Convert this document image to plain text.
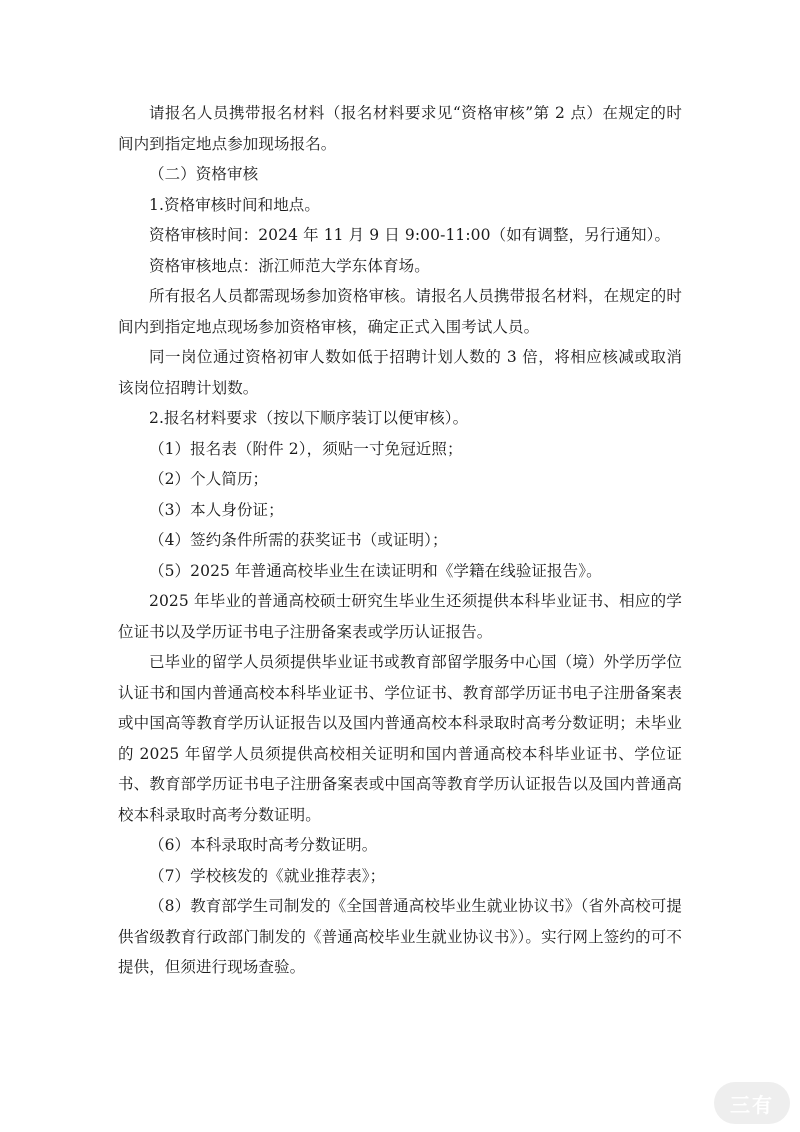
请报名人员携带报名材料（报名材料要求见“资格审核”第 2 点）在规定的时间内到指定地点参加现场报名。

（二）资格审核

1.资格审核时间和地点。

资格审核时间：2024 年 11 月 9 日 9:00-11:00（如有调整，另行通知）。

资格审核地点：浙江师范大学东体育场。

所有报名人员都需现场参加资格审核。请报名人员携带报名材料，在规定的时间内到指定地点现场参加资格审核，确定正式入围考试人员。

同一岗位通过资格初审人数如低于招聘计划人数的 3 倍，将相应核减或取消该岗位招聘计划数。

2.报名材料要求（按以下顺序装订以便审核）。

（1）报名表（附件 2），须贴一寸免冠近照；

（2）个人简历；

（3）本人身份证；

（4）签约条件所需的获奖证书（或证明）；

（5）2025 年普通高校毕业生在读证明和《学籍在线验证报告》。

2025 年毕业的普通高校硕士研究生毕业生还须提供本科毕业证书、相应的学位证书以及学历证书电子注册备案表或学历认证报告。

已毕业的留学人员须提供毕业证书或教育部留学服务中心国（境）外学历学位认证书和国内普通高校本科毕业证书、学位证书、教育部学历证书电子注册备案表或中国高等教育学历认证报告以及国内普通高校本科录取时高考分数证明；未毕业的 2025 年留学人员须提供高校相关证明和国内普通高校本科毕业证书、学位证书、教育部学历证书电子注册备案表或中国高等教育学历认证报告以及国内普通高校本科录取时高考分数证明。

（6）本科录取时高考分数证明。

（7）学校核发的《就业推荐表》；

（8）教育部学生司制发的《全国普通高校毕业生就业协议书》（省外高校可提供省级教育行政部门制发的《普通高校毕业生就业协议书》）。实行网上签约的可不提供，但须进行现场查验。

三有
